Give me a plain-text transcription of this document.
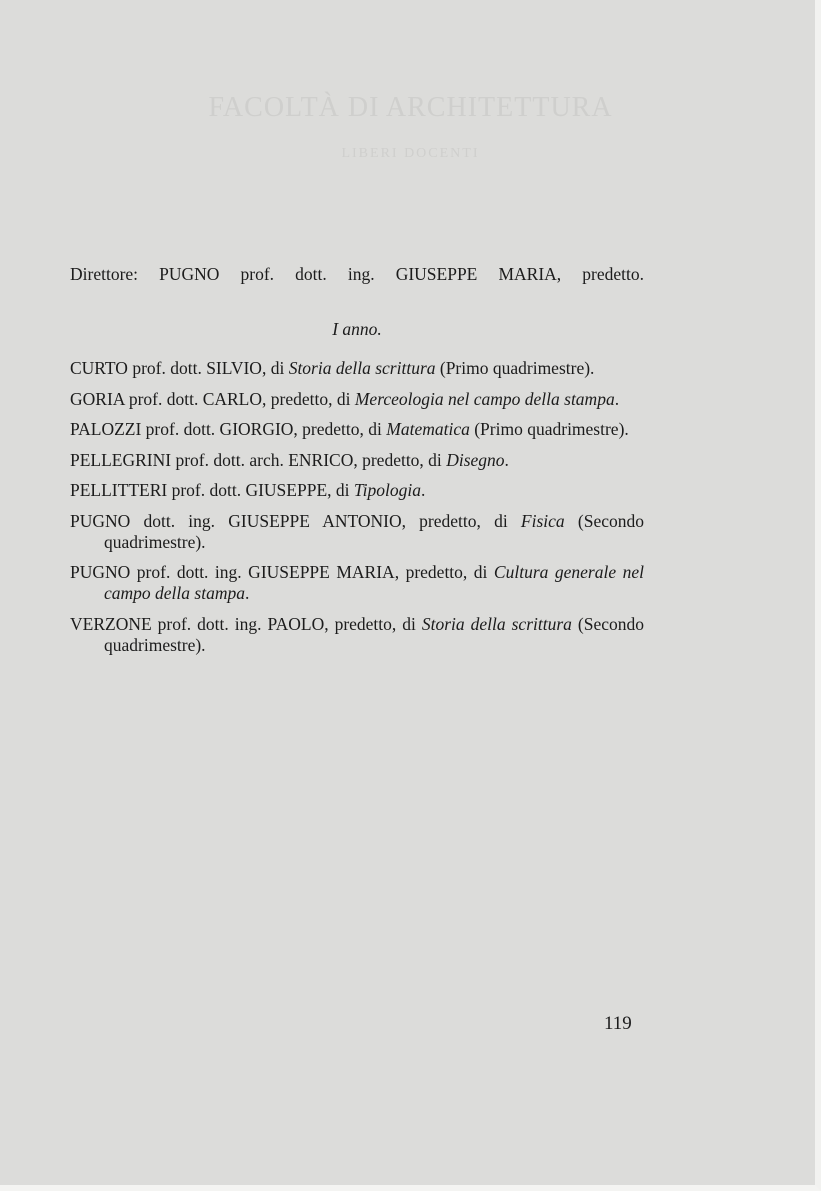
FACOLTÀ DI ARCHITETTURA
LIBERI DOCENTI

Direttore: PUGNO prof. dott. ing. GIUSEPPE MARIA, predetto.

I anno.

CURTO prof. dott. SILVIO, di Storia della scrittura (Primo quadrimestre).

GORIA prof. dott. CARLO, predetto, di Merceologia nel campo della stampa.

PALOZZI prof. dott. GIORGIO, predetto, di Matematica (Primo quadrimestre).

PELLEGRINI prof. dott. arch. ENRICO, predetto, di Disegno.

PELLITTERI prof. dott. GIUSEPPE, di Tipologia.

PUGNO dott. ing. GIUSEPPE ANTONIO, predetto, di Fisica (Secondo quadrimestre).

PUGNO prof. dott. ing. GIUSEPPE MARIA, predetto, di Cultura generale nel campo della stampa.

VERZONE prof. dott. ing. PAOLO, predetto, di Storia della scrittura (Secondo quadrimestre).

119
